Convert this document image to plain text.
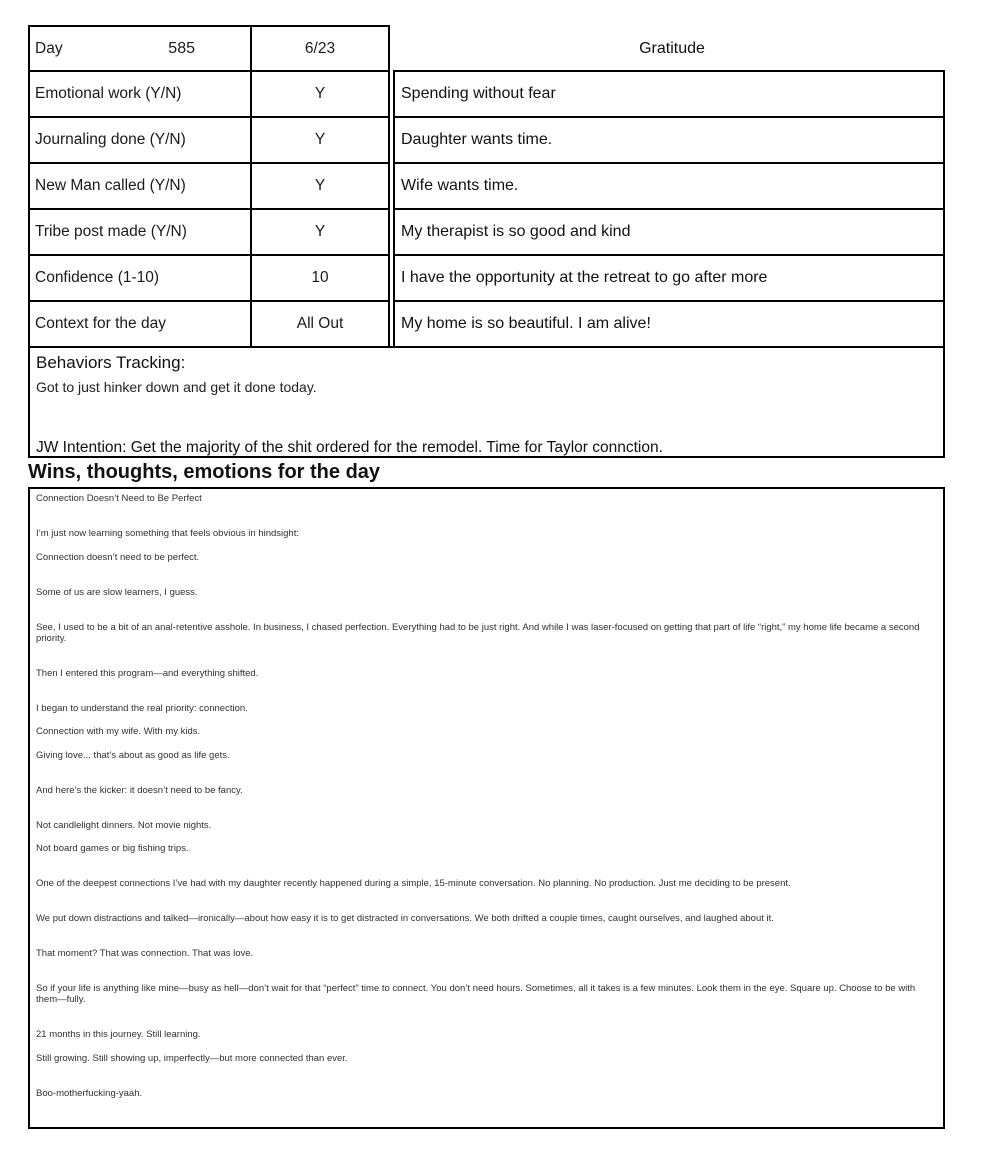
Day	585	6/23	Gratitude
Emotional work (Y/N)	Y	Spending without fear
Journaling done (Y/N)	Y	Daughter wants time.
New Man called (Y/N)	Y	Wife wants time.
Tribe post made (Y/N)	Y	My therapist is so good and kind
Confidence (1-10)	10	I have the opportunity at the retreat to go after more
Context for the day	All Out	My home is so beautiful. I am alive!
Behaviors Tracking:
Got to just hinker down and get it done today.
JW Intention: Get the majority of the shit ordered for the remodel. Time for Taylor connction.
Wins, thoughts, emotions for the day

Connection Doesn’t Need to Be Perfect

I’m just now learning something that feels obvious in hindsight:

Connection doesn’t need to be perfect.

Some of us are slow learners, I guess.

See, I used to be a bit of an anal-retentive asshole. In business, I chased perfection. Everything had to be just right. And while I was laser-focused on getting that part of life “right,” my home life became a second priority.

Then I entered this program—and everything shifted.

I began to understand the real priority: connection.

Connection with my wife. With my kids.

Giving love... that’s about as good as life gets.

And here’s the kicker: it doesn’t need to be fancy.

Not candlelight dinners. Not movie nights.

Not board games or big fishing trips.

One of the deepest connections I’ve had with my daughter recently happened during a simple, 15-minute conversation. No planning. No production. Just me deciding to be present.

We put down distractions and talked—ironically—about how easy it is to get distracted in conversations. We both drifted a couple times, caught ourselves, and laughed about it.

That moment? That was connection. That was love.

So if your life is anything like mine—busy as hell—don’t wait for that “perfect” time to connect. You don’t need hours. Sometimes, all it takes is a few minutes. Look them in the eye. Square up. Choose to be with them—fully.

21 months in this journey. Still learning.

Still growing. Still showing up, imperfectly—but more connected than ever.

Boo-motherfucking-yaah.
